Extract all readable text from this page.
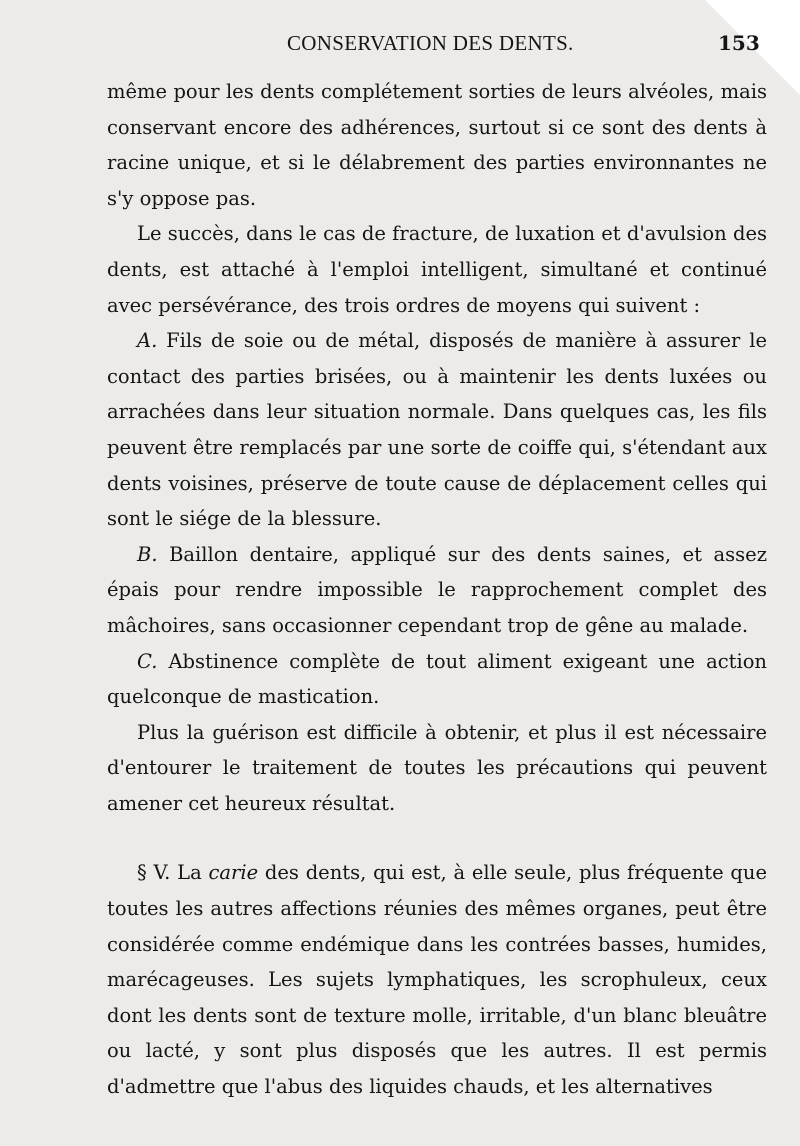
CONSERVATION DES DENTS.	153

même pour les dents complétement sorties de leurs alvéoles, mais conservant encore des adhérences, surtout si ce sont des dents à racine unique, et si le délabrement des parties environnantes ne s'y oppose pas.

Le succès, dans le cas de fracture, de luxation et d'avulsion des dents, est attaché à l'emploi intelligent, simultané et continué avec persévérance, des trois ordres de moyens qui suivent :

A. Fils de soie ou de métal, disposés de manière à assurer le contact des parties brisées, ou à maintenir les dents luxées ou arrachées dans leur situation normale. Dans quelques cas, les fils peuvent être remplacés par une sorte de coiffe qui, s'étendant aux dents voisines, préserve de toute cause de déplacement celles qui sont le siége de la blessure.

B. Baillon dentaire, appliqué sur des dents saines, et assez épais pour rendre impossible le rapprochement complet des mâchoires, sans occasionner cependant trop de gêne au malade.

C. Abstinence complète de tout aliment exigeant une action quelconque de mastication.

Plus la guérison est difficile à obtenir, et plus il est nécessaire d'entourer le traitement de toutes les précautions qui peuvent amener cet heureux résultat.

§ V. La carie des dents, qui est, à elle seule, plus fréquente que toutes les autres affections réunies des mêmes organes, peut être considérée comme endémique dans les contrées basses, humides, marécageuses. Les sujets lymphatiques, les scrophuleux, ceux dont les dents sont de texture molle, irritable, d'un blanc bleuâtre ou lacté, y sont plus disposés que les autres. Il est permis d'admettre que l'abus des liquides chauds, et les alternatives
